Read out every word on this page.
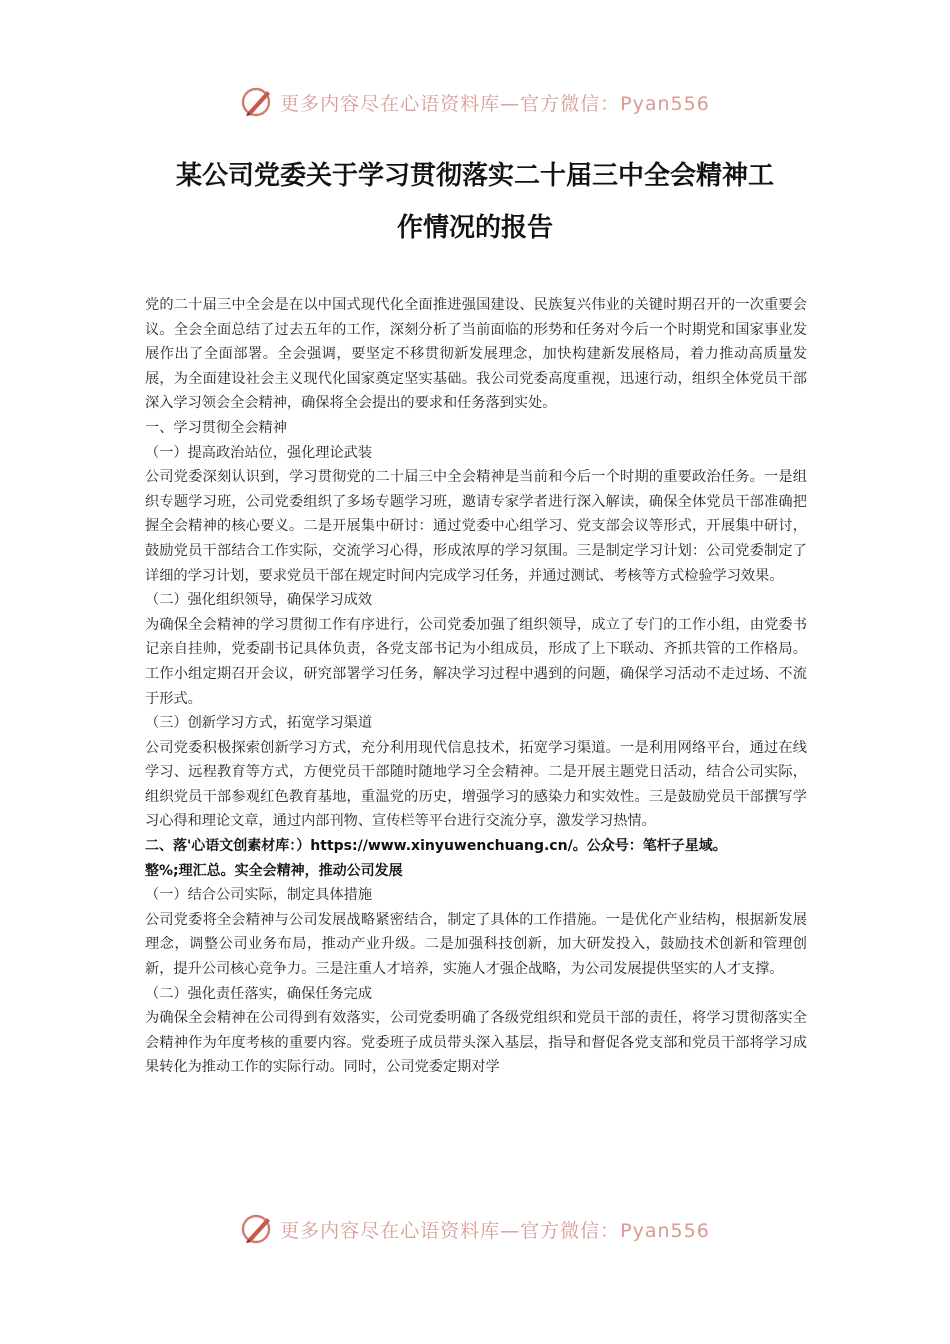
更多内容尽在心语资料库—官方微信：Pyan556
某公司党委关于学习贯彻落实二十届三中全会精神工
作情况的报告

党的二十届三中全会是在以中国式现代化全面推进强国建设、民族复兴伟业的关键时期召开的一次重要会议。全会全面总结了过去五年的工作，深刻分析了当前面临的形势和任务对今后一个时期党和国家事业发展作出了全面部署。全会强调，要坚定不移贯彻新发展理念，加快构建新发展格局，着力推动高质量发展，为全面建设社会主义现代化国家奠定坚实基础。我公司党委高度重视，迅速行动，组织全体党员干部深入学习领会全会精神，确保将全会提出的要求和任务落到实处。

一、学习贯彻全会精神

（一）提高政治站位，强化理论武装

公司党委深刻认识到，学习贯彻党的二十届三中全会精神是当前和今后一个时期的重要政治任务。一是组织专题学习班，公司党委组织了多场专题学习班，邀请专家学者进行深入解读，确保全体党员干部准确把握全会精神的核心要义。二是开展集中研讨：通过党委中心组学习、党支部会议等形式，开展集中研讨，鼓励党员干部结合工作实际，交流学习心得，形成浓厚的学习氛围。三是制定学习计划：公司党委制定了详细的学习计划，要求党员干部在规定时间内完成学习任务，并通过测试、考核等方式检验学习效果。

（二）强化组织领导，确保学习成效

为确保全会精神的学习贯彻工作有序进行，公司党委加强了组织领导，成立了专门的工作小组，由党委书记亲自挂帅，党委副书记具体负责，各党支部书记为小组成员，形成了上下联动、齐抓共管的工作格局。工作小组定期召开会议，研究部署学习任务，解决学习过程中遇到的问题，确保学习活动不走过场、不流于形式。

（三）创新学习方式，拓宽学习渠道

公司党委积极探索创新学习方式，充分利用现代信息技术，拓宽学习渠道。一是利用网络平台，通过在线学习、远程教育等方式，方便党员干部随时随地学习全会精神。二是开展主题党日活动，结合公司实际，组织党员干部参观红色教育基地，重温党的历史，增强学习的感染力和实效性。三是鼓励党员干部撰写学习心得和理论文章，通过内部刊物、宣传栏等平台进行交流分享，激发学习热情。

二、落'心语文创素材库：）https://www.xinyuwenchuang.cn/。公众号：笔杆子星域。

整%;理汇总。实全会精神，推动公司发展

（一）结合公司实际，制定具体措施

公司党委将全会精神与公司发展战略紧密结合，制定了具体的工作措施。一是优化产业结构，根据新发展理念，调整公司业务布局，推动产业升级。二是加强科技创新，加大研发投入，鼓励技术创新和管理创新，提升公司核心竞争力。三是注重人才培养，实施人才强企战略，为公司发展提供坚实的人才支撑。

（二）强化责任落实，确保任务完成

为确保全会精神在公司得到有效落实，公司党委明确了各级党组织和党员干部的责任，将学习贯彻落实全会精神作为年度考核的重要内容。党委班子成员带头深入基层，指导和督促各党支部和党员干部将学习成果转化为推动工作的实际行动。同时，公司党委定期对学

更多内容尽在心语资料库—官方微信：Pyan556
